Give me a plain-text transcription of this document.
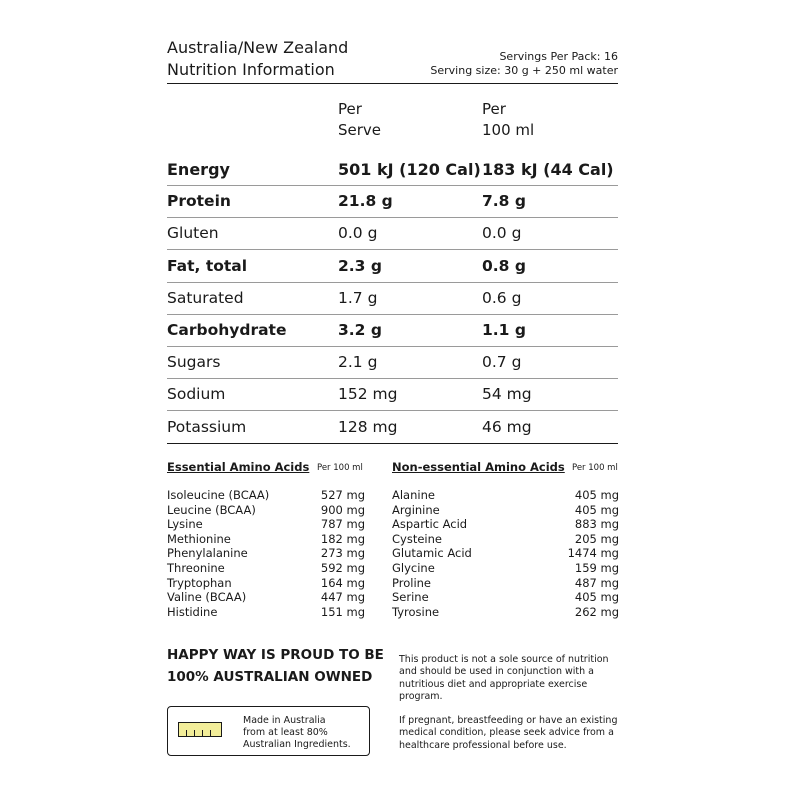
Australia/New Zealand
Nutrition Information
Servings Per Pack: 16
Serving size: 30 g + 250 ml water
Per
Serve
Per
100 ml
Energy	501 kJ (120 Cal) 183 kJ (44 Cal)
Protein	21.8 g	7.8 g
Gluten	0.0 g	0.0 g
Fat, total	2.3 g	0.8 g
Saturated	1.7 g	0.6 g
Carbohydrate	3.2 g	1.1 g
Sugars	2.1 g	0.7 g
Sodium	152 mg	54 mg
Potassium	128 mg	46 mg
Essential Amino Acids Per 100 ml	Non-essential Amino Acids Per 100 ml
Isoleucine (BCAA)	527 mg
Leucine (BCAA)	900 mg
Lysine	787 mg
Methionine	182 mg
Phenylalanine	273 mg
Threonine	592 mg
Tryptophan	164 mg
Valine (BCAA)	447 mg
Histidine	151 mg
Alanine	405 mg
Arginine	405 mg
Aspartic Acid	883 mg
Cysteine	205 mg
Glutamic Acid	1474 mg
Glycine	159 mg
Proline	487 mg
Serine	405 mg
Tyrosine	262 mg
HAPPY WAY IS PROUD TO BE
100% AUSTRALIAN OWNED
Made in Australia
from at least 80%
Australian Ingredients.

This product is not a sole source of nutrition and should be used in conjunction with a nutritious diet and appropriate exercise program.

If pregnant, breastfeeding or have an existing medical condition, please seek advice from a healthcare professional before use.
